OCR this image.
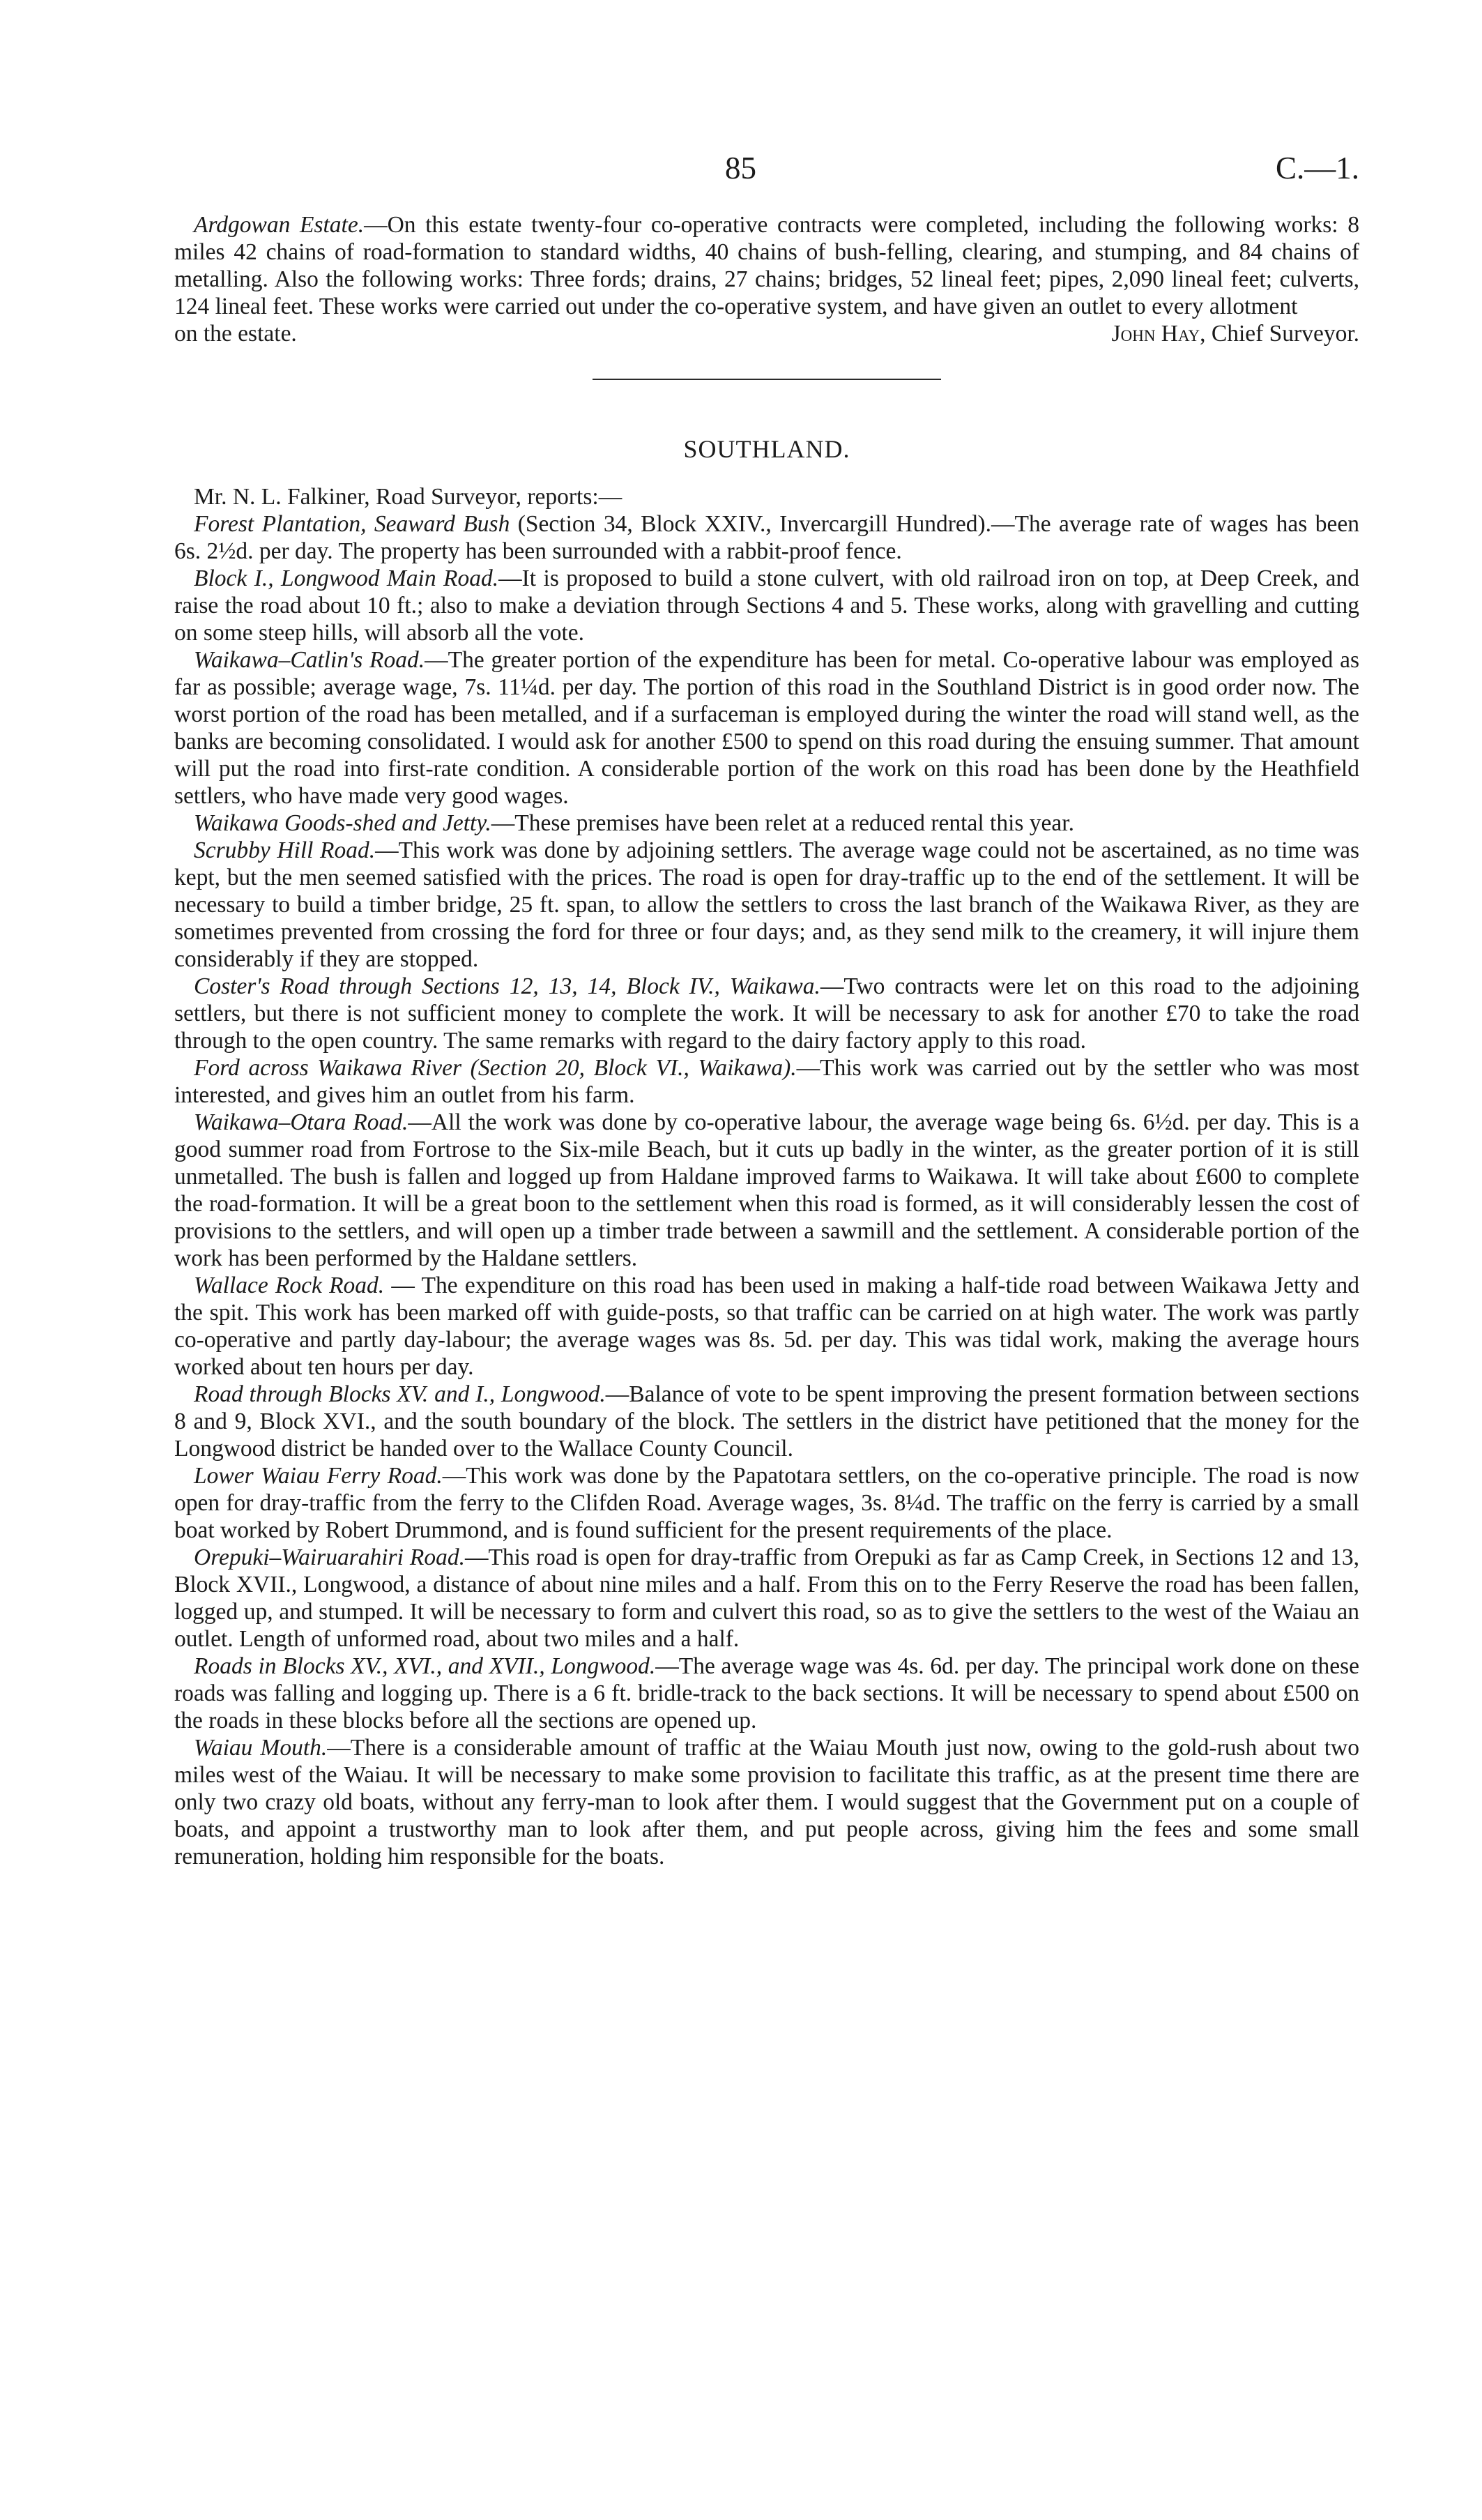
85	C.—1.

Ardgowan Estate.—On this estate twenty-four co-operative contracts were completed, including the following works: 8 miles 42 chains of road-formation to standard widths, 40 chains of bush-felling, clearing, and stumping, and 84 chains of metalling. Also the following works: Three fords; drains, 27 chains; bridges, 52 lineal feet; pipes, 2,090 lineal feet; culverts, 124 lineal feet. These works were carried out under the co-operative system, and have given an outlet to every allotment

on the estate.	John Hay, Chief Surveyor.
SOUTHLAND.

Mr. N. L. Falkiner, Road Surveyor, reports:—

Forest Plantation, Seaward Bush (Section 34, Block XXIV., Invercargill Hundred).—The average rate of wages has been 6s. 2½d. per day. The property has been surrounded with a rabbit-proof fence.

Block I., Longwood Main Road.—It is proposed to build a stone culvert, with old railroad iron on top, at Deep Creek, and raise the road about 10 ft.; also to make a deviation through Sections 4 and 5. These works, along with gravelling and cutting on some steep hills, will absorb all the vote.

Waikawa–Catlin's Road.—The greater portion of the expenditure has been for metal. Co-operative labour was employed as far as possible; average wage, 7s. 11¼d. per day. The portion of this road in the Southland District is in good order now. The worst portion of the road has been metalled, and if a surfaceman is employed during the winter the road will stand well, as the banks are becoming consolidated. I would ask for another £500 to spend on this road during the ensuing summer. That amount will put the road into first-rate condition. A considerable portion of the work on this road has been done by the Heathfield settlers, who have made very good wages.

Waikawa Goods-shed and Jetty.—These premises have been relet at a reduced rental this year.

Scrubby Hill Road.—This work was done by adjoining settlers. The average wage could not be ascertained, as no time was kept, but the men seemed satisfied with the prices. The road is open for dray-traffic up to the end of the settlement. It will be necessary to build a timber bridge, 25 ft. span, to allow the settlers to cross the last branch of the Waikawa River, as they are sometimes prevented from crossing the ford for three or four days; and, as they send milk to the creamery, it will injure them considerably if they are stopped.

Coster's Road through Sections 12, 13, 14, Block IV., Waikawa.—Two contracts were let on this road to the adjoining settlers, but there is not sufficient money to complete the work. It will be necessary to ask for another £70 to take the road through to the open country. The same remarks with regard to the dairy factory apply to this road.

Ford across Waikawa River (Section 20, Block VI., Waikawa).—This work was carried out by the settler who was most interested, and gives him an outlet from his farm.

Waikawa–Otara Road.—All the work was done by co-operative labour, the average wage being 6s. 6½d. per day. This is a good summer road from Fortrose to the Six-mile Beach, but it cuts up badly in the winter, as the greater portion of it is still unmetalled. The bush is fallen and logged up from Haldane improved farms to Waikawa. It will take about £600 to complete the road-formation. It will be a great boon to the settlement when this road is formed, as it will considerably lessen the cost of provisions to the settlers, and will open up a timber trade between a sawmill and the settlement. A considerable portion of the work has been performed by the Haldane settlers.

Wallace Rock Road. — The expenditure on this road has been used in making a half-tide road between Waikawa Jetty and the spit. This work has been marked off with guide-posts, so that traffic can be carried on at high water. The work was partly co-operative and partly day-labour; the average wages was 8s. 5d. per day. This was tidal work, making the average hours worked about ten hours per day.

Road through Blocks XV. and I., Longwood.—Balance of vote to be spent improving the present formation between sections 8 and 9, Block XVI., and the south boundary of the block. The settlers in the district have petitioned that the money for the Longwood district be handed over to the Wallace County Council.

Lower Waiau Ferry Road.—This work was done by the Papatotara settlers, on the co-operative principle. The road is now open for dray-traffic from the ferry to the Clifden Road. Average wages, 3s. 8¼d. The traffic on the ferry is carried by a small boat worked by Robert Drummond, and is found sufficient for the present requirements of the place.

Orepuki–Wairuarahiri Road.—This road is open for dray-traffic from Orepuki as far as Camp Creek, in Sections 12 and 13, Block XVII., Longwood, a distance of about nine miles and a half. From this on to the Ferry Reserve the road has been fallen, logged up, and stumped. It will be necessary to form and culvert this road, so as to give the settlers to the west of the Waiau an outlet. Length of unformed road, about two miles and a half.

Roads in Blocks XV., XVI., and XVII., Longwood.—The average wage was 4s. 6d. per day. The principal work done on these roads was falling and logging up. There is a 6 ft. bridle-track to the back sections. It will be necessary to spend about £500 on the roads in these blocks before all the sections are opened up.

Waiau Mouth.—There is a considerable amount of traffic at the Waiau Mouth just now, owing to the gold-rush about two miles west of the Waiau. It will be necessary to make some provision to facilitate this traffic, as at the present time there are only two crazy old boats, without any ferry-man to look after them. I would suggest that the Government put on a couple of boats, and appoint a trustworthy man to look after them, and put people across, giving him the fees and some small remuneration, holding him responsible for the boats.
